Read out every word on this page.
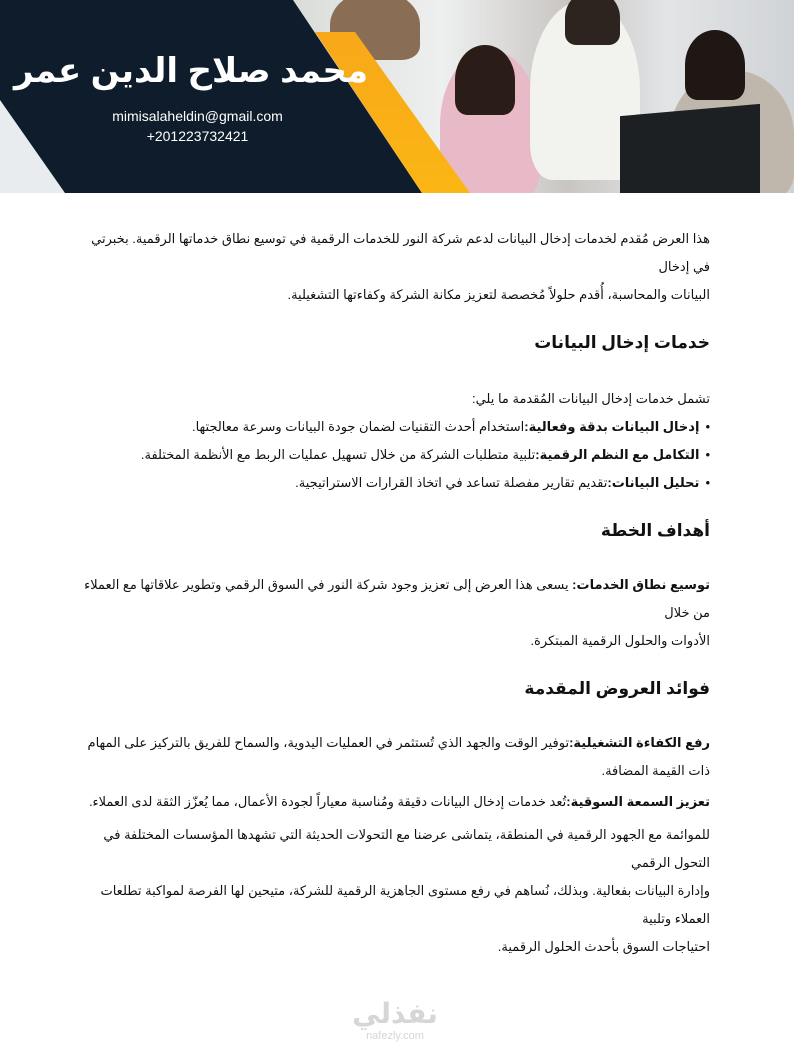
محمد صلاح الدين عمر
mimisalaheldin@gmail.com
+201223732421

هذا العرض مُقدم لخدمات إدخال البيانات لدعم شركة النور للخدمات الرقمية في توسيع نطاق خدماتها الرقمية. بخبرتي في إدخال

البيانات والمحاسبة، أُقدم حلولاً مُخصصة لتعزيز مكانة الشركة وكفاءتها التشغيلية.

خدمات إدخال البيانات

تشمل خدمات إدخال البيانات المُقدمة ما يلي:

•إدخال البيانات بدقة وفعالية:استخدام أحدث التقنيات لضمان جودة البيانات وسرعة معالجتها.
•التكامل مع النظم الرقمية:تلبية متطلبات الشركة من خلال تسهيل عمليات الربط مع الأنظمة المختلفة.
•تحليل البيانات:تقديم تقارير مفصلة تساعد في اتخاذ القرارات الاستراتيجية.
أهداف الخطة

توسيع نطاق الخدمات: يسعى هذا العرض إلى تعزيز وجود شركة النور في السوق الرقمي وتطوير علاقاتها مع العملاء من خلال

الأدوات والحلول الرقمية المبتكرة.

فوائد العروض المقدمة

رفع الكفاءة التشغيلية:توفير الوقت والجهد الذي تُستثمر في العمليات اليدوية، والسماح للفريق بالتركيز على المهام ذات القيمة المضافة.

تعزيز السمعة السوقية:تُعد خدمات إدخال البيانات دقيقة ومُناسبة معياراً لجودة الأعمال، مما يُعزّز الثقة لدى العملاء.

للموائمة مع الجهود الرقمية في المنطقة، يتماشى عرضنا مع التحولات الحديثة التي تشهدها المؤسسات المختلفة في التحول الرقمي

وإدارة البيانات بفعالية. وبذلك، نُساهم في رفع مستوى الجاهزية الرقمية للشركة، متيحين لها الفرصة لمواكبة تطلعات العملاء وتلبية

احتياجات السوق بأحدث الحلول الرقمية.

نفذلي
nafezly.com
